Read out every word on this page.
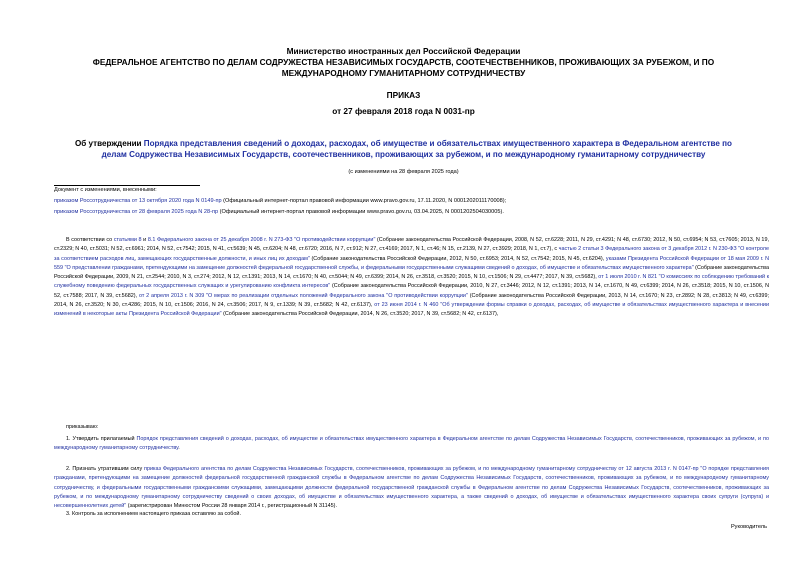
Министерство иностранных дел Российской Федерации
ФЕДЕРАЛЬНОЕ АГЕНТСТВО ПО ДЕЛАМ СОДРУЖЕСТВА НЕЗАВИСИМЫХ ГОСУДАРСТВ, СООТЕЧЕСТВЕННИКОВ, ПРОЖИВАЮЩИХ ЗА РУБЕЖОМ, И ПО
МЕЖДУНАРОДНОМУ ГУМАНИТАРНОМУ СОТРУДНИЧЕСТВУ
ПРИКАЗ
от 27 февраля 2018 года N 0031-пр
Об утверждении Порядка представления сведений о доходах, расходах, об имуществе и обязательствах имущественного характера в Федеральном агентстве по
делам Содружества Независимых Государств, соотечественников, проживающих за рубежом, и по международному гуманитарному сотрудничеству
(с изменениями на 28 февраля 2025 года)
Документ с изменениями, внесенными:
приказом Россотрудничества от 13 октября 2020 года N 0149-пр (Официальный интернет-портал правовой информации www.pravo.gov.ru, 17.11.2020, N 0001202011170008);
приказом Россотрудничества от 28 февраля 2025 года N 28-пр (Официальный интернет-портал правовой информации www.pravo.gov.ru, 03.04.2025, N 0001202504030005).
В соответствии со статьями 8 и 8.1 Федерального закона от 25 декабря 2008 г. N 273-ФЗ "О противодействии коррупции" (Собрание законодательства Российской Федерации, 2008, N 52, ст.6228; 2011, N 29, ст.4291; N 48, ст.6730; 2012, N 50, ст.6954; N 53, ст.7605; 2013, N 19, ст.2329; N 40, ст.5031; N 52, ст.6961; 2014, N 52, ст.7542; 2015, N 41, ст.5639; N 45, ст.6204; N 48, ст.6720; 2016, N 7, ст.912; N 27, ст.4169; 2017, N 1, ст.46; N 15, ст.2139, N 27, ст.3929; 2018, N 1, ст.7), с частью 2 статьи 3 Федерального закона от 3 декабря 2012 г. N 230-ФЗ "О контроле за соответствием расходов лиц, замещающих государственные должности, и иных лиц их доходам" (Собрание законодательства Российской Федерации, 2012, N 50, ст.6953; 2014, N 52, ст.7542; 2015, N 45, ст.6204), указами Президента Российской Федерации от 18 мая 2009 г. N 559 "О представлении гражданами, претендующими на замещение должностей федеральной государственной службы, и федеральными государственными служащими сведений о доходах, об имуществе и обязательствах имущественного характера" (Собрание законодательства Российской Федерации, 2009, N 21, ст.2544; 2010, N 3, ст.274; 2012, N 12, ст.1391; 2013, N 14, ст.1670; N 40, ст.5044; N 49, ст.6399; 2014, N 26, ст.3518, ст.3520; 2015, N 10, ст.1506; N 29, ст.4477; 2017, N 39, ст.5682), от 1 июля 2010 г. N 821 "О комиссиях по соблюдению требований к служебному поведению федеральных государственных служащих и урегулированию конфликта интересов" (Собрание законодательства Российской Федерации, 2010, N 27, ст.3446; 2012, N 12, ст.1391; 2013, N 14, ст.1670, N 49, ст.6399; 2014, N 26, ст.3518; 2015, N 10, ст.1506, N 52, ст.7588; 2017, N 39, ст.5682), от 2 апреля 2013 г. N 309 "О мерах по реализации отдельных положений Федерального закона "О противодействии коррупции" (Собрание законодательства Российской Федерации, 2013, N 14, ст.1670; N 23, ст.2892; N 28, ст.3813; N 49, ст.6399; 2014, N 26, ст.3520; N 30, ст.4286; 2015, N 10, ст.1506; 2016, N 24, ст.3506; 2017, N 9, ст.1339; N 39, ст.5682; N 42, ст.6137), от 23 июня 2014 г. N 460 "Об утверждении формы справки о доходах, расходах, об имуществе и обязательствах имущественного характера и внесении изменений в некоторые акты Президента Российской Федерации" (Собрание законодательства Российской Федерации, 2014, N 26, ст.3520; 2017, N 39, ст.5682; N 42, ст.6137),
приказываю:
1. Утвердить прилагаемый Порядок представления сведений о доходах, расходах, об имуществе и обязательствах имущественного характера в Федеральном агентстве по делам Содружества Независимых Государств, соотечественников, проживающих за рубежом, и по международному гуманитарному сотрудничеству.
2. Признать утратившим силу приказ Федерального агентства по делам Содружества Независимых Государств, соотечественников, проживающих за рубежом, и по международному гуманитарному сотрудничеству от 12 августа 2013 г. N 0147-пр "О порядке представления гражданами, претендующими на замещение должностей федеральной государственной гражданской службы в Федеральном агентстве по делам Содружества Независимых Государств, соотечественников, проживающих за рубежом, и по международному гуманитарному сотрудничеству, и федеральными государственными гражданскими служащими, замещающими должности федеральной государственной гражданской службы в Федеральном агентстве по делам Содружества Независимых Государств, соотечественников, проживающих за рубежом, и по международному гуманитарному сотрудничеству сведений о своих доходах, об имуществе и обязательствах имущественного характера, а также сведений о доходах, об имуществе и обязательствах имущественного характера своих супруги (супруга) и несовершеннолетних детей" (зарегистрирован Минюстом России 28 января 2014 г., регистрационный N 31145).
3. Контроль за исполнением настоящего приказа оставляю за собой.
Руководитель
